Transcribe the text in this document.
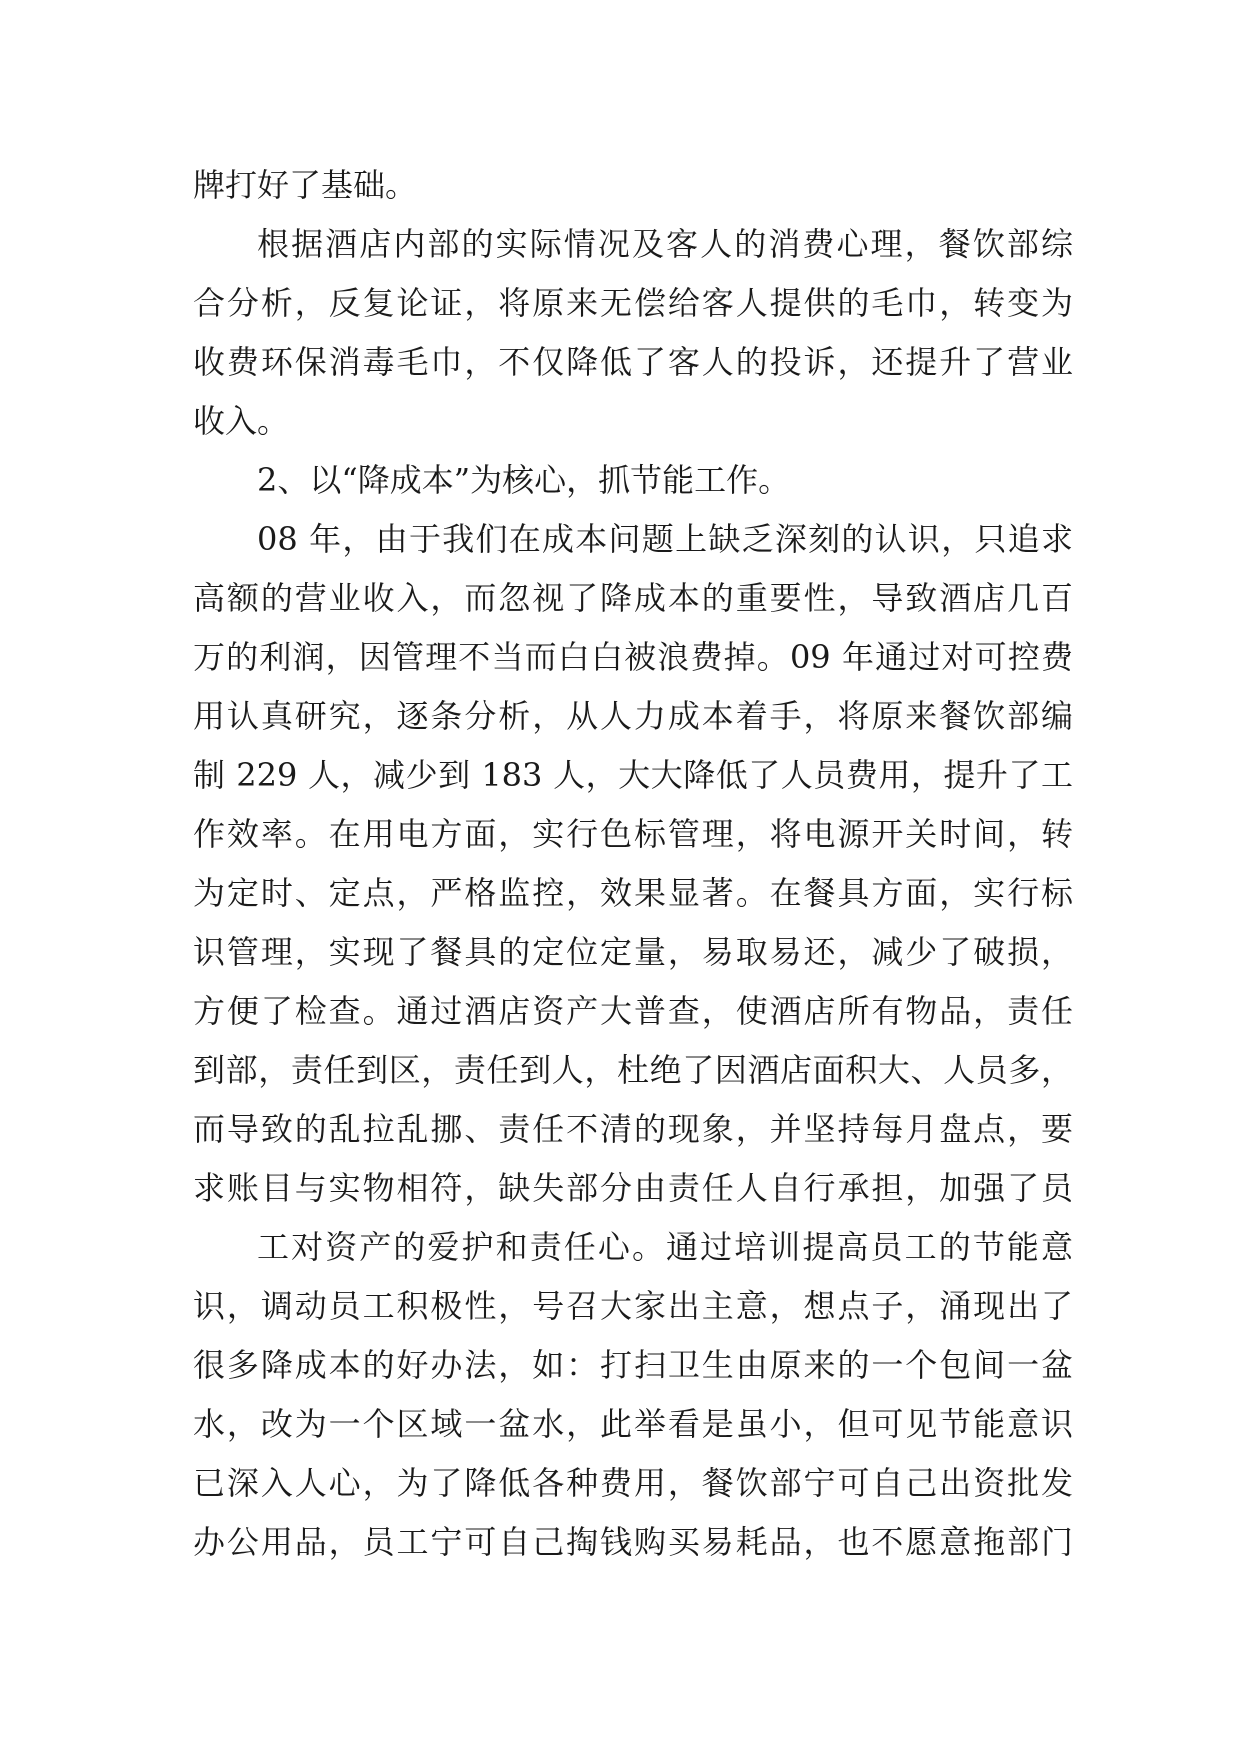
牌打好了基础。
根据酒店内部的实际情况及客人的消费心理，餐饮部综
合分析，反复论证，将原来无偿给客人提供的毛巾，转变为
收费环保消毒毛巾，不仅降低了客人的投诉，还提升了营业
收入。
2、以“降成本”为核心，抓节能工作。
08 年，由于我们在成本问题上缺乏深刻的认识，只追求
高额的营业收入，而忽视了降成本的重要性，导致酒店几百
万的利润，因管理不当而白白被浪费掉。09 年通过对可控费
用认真研究，逐条分析，从人力成本着手，将原来餐饮部编
制 229 人，减少到 183 人，大大降低了人员费用，提升了工
作效率。在用电方面，实行色标管理，将电源开关时间，转
为定时、定点，严格监控，效果显著。在餐具方面，实行标
识管理，实现了餐具的定位定量，易取易还，减少了破损，
方便了检查。通过酒店资产大普查，使酒店所有物品，责任
到部，责任到区，责任到人，杜绝了因酒店面积大、人员多，
而导致的乱拉乱挪、责任不清的现象，并坚持每月盘点，要
求账目与实物相符，缺失部分由责任人自行承担，加强了员
工对资产的爱护和责任心。通过培训提高员工的节能意
识，调动员工积极性，号召大家出主意，想点子，涌现出了
很多降成本的好办法，如：打扫卫生由原来的一个包间一盆
水，改为一个区域一盆水，此举看是虽小，但可见节能意识
已深入人心，为了降低各种费用，餐饮部宁可自己出资批发
办公用品，员工宁可自己掏钱购买易耗品，也不愿意拖部门
